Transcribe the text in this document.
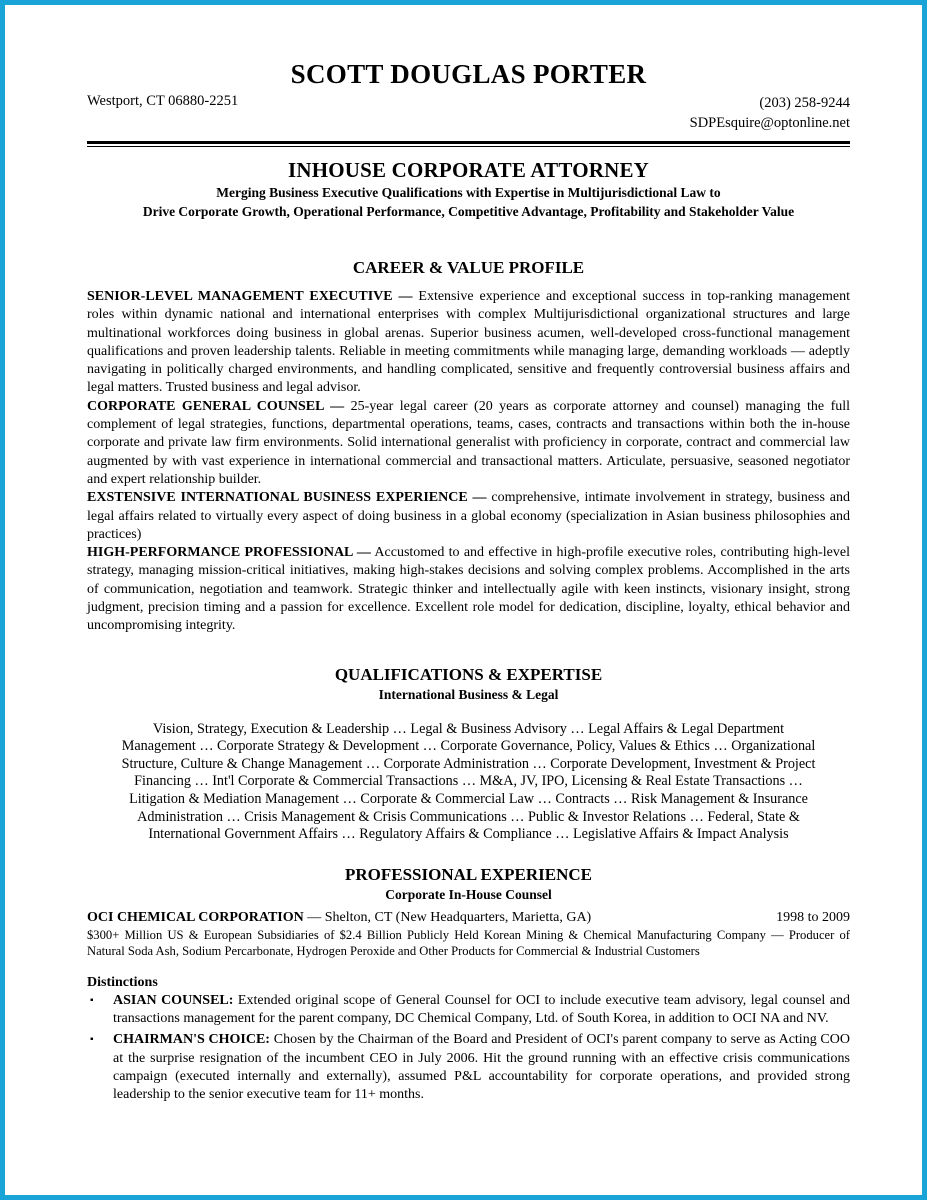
SCOTT DOUGLAS PORTER
Westport, CT 06880-2251	(203) 258-9244
SDPEsquire@optonline.net
INHOUSE CORPORATE ATTORNEY
Merging Business Executive Qualifications with Expertise in Multijurisdictional Law to
Drive Corporate Growth, Operational Performance, Competitive Advantage, Profitability and Stakeholder Value
CAREER & VALUE PROFILE

SENIOR-LEVEL MANAGEMENT EXECUTIVE — Extensive experience and exceptional success in top-ranking management roles within dynamic national and international enterprises with complex Multijurisdictional organizational structures and large multinational workforces doing business in global arenas. Superior business acumen, well-developed cross-functional management qualifications and proven leadership talents. Reliable in meeting commitments while managing large, demanding workloads — adeptly navigating in politically charged environments, and handling complicated, sensitive and frequently controversial business affairs and legal matters. Trusted business and legal advisor.

CORPORATE GENERAL COUNSEL — 25-year legal career (20 years as corporate attorney and counsel) managing the full complement of legal strategies, functions, departmental operations, teams, cases, contracts and transactions within both the in-house corporate and private law firm environments. Solid international generalist with proficiency in corporate, contract and commercial law augmented by with vast experience in international commercial and transactional matters. Articulate, persuasive, seasoned negotiator and expert relationship builder.

EXSTENSIVE INTERNATIONAL BUSINESS EXPERIENCE — comprehensive, intimate involvement in strategy, business and legal affairs related to virtually every aspect of doing business in a global economy (specialization in Asian business philosophies and practices)

HIGH-PERFORMANCE PROFESSIONAL — Accustomed to and effective in high-profile executive roles, contributing high-level strategy, managing mission-critical initiatives, making high-stakes decisions and solving complex problems. Accomplished in the arts of communication, negotiation and teamwork. Strategic thinker and intellectually agile with keen instincts, visionary insight, strong judgment, precision timing and a passion for excellence. Excellent role model for dedication, discipline, loyalty, ethical behavior and uncompromising integrity.

QUALIFICATIONS & EXPERTISE
International Business & Legal
Vision, Strategy, Execution & Leadership … Legal & Business Advisory … Legal Affairs & Legal Department
Management … Corporate Strategy & Development … Corporate Governance, Policy, Values & Ethics … Organizational
Structure, Culture & Change Management … Corporate Administration … Corporate Development, Investment & Project
Financing … Int'l Corporate & Commercial Transactions … M&A, JV, IPO, Licensing & Real Estate Transactions …
Litigation & Mediation Management … Corporate & Commercial Law … Contracts … Risk Management & Insurance
Administration … Crisis Management & Crisis Communications … Public & Investor Relations … Federal, State &
International Government Affairs … Regulatory Affairs & Compliance … Legislative Affairs & Impact Analysis
PROFESSIONAL EXPERIENCE
Corporate In-House Counsel
OCI CHEMICAL CORPORATION — Shelton, CT (New Headquarters, Marietta, GA)	1998 to 2009
$300+ Million US & European Subsidiaries of $2.4 Billion Publicly Held Korean Mining & Chemical Manufacturing Company — Producer of Natural Soda Ash, Sodium Percarbonate, Hydrogen Peroxide and Other Products for Commercial & Industrial Customers
Distinctions
▪ ASIAN COUNSEL: Extended original scope of General Counsel for OCI to include executive team advisory, legal counsel and transactions management for the parent company, DC Chemical Company, Ltd. of South Korea, in addition to OCI NA and NV.
▪ CHAIRMAN'S CHOICE: Chosen by the Chairman of the Board and President of OCI's parent company to serve as Acting COO at the surprise resignation of the incumbent CEO in July 2006. Hit the ground running with an effective crisis communications campaign (executed internally and externally), assumed P&L accountability for corporate operations, and provided strong leadership to the senior executive team for 11+ months.
